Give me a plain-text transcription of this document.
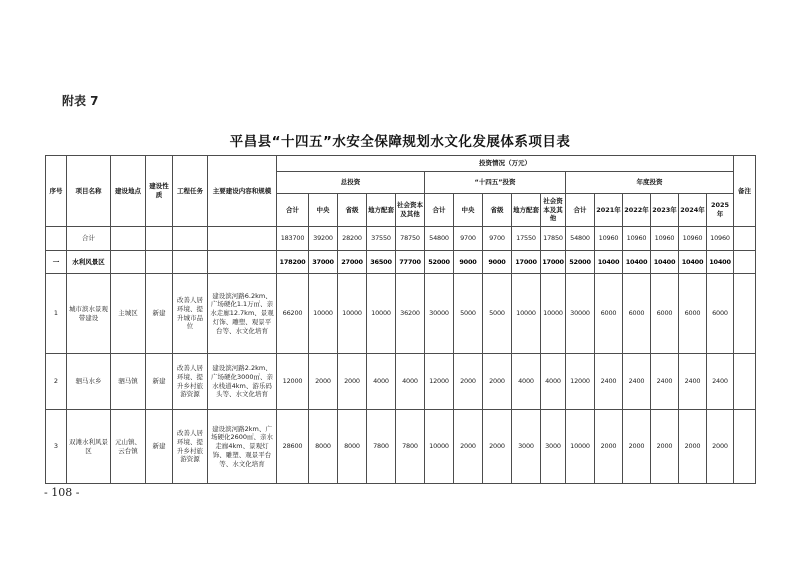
附表 7
平昌县“十四五”水安全保障规划水文化发展体系项目表
序号	项目名称	建设地点	建设性质	工程任务	主要建设内容和规模	投资情况（万元）																备注
						总投资					“十四五”投资					年度投资						
						合计	中央	省级	地方配套	社会资本及其他	合计	中央	省级	地方配套	社会资本及其他	合计	2021年	2022年	2023年	2024年	2025年	
	合计					183700	39200	28200	37550	78750	54800	9700	9700	17550	17850	54800	10960	10960	10960	10960	10960	
一	水利风景区					178200	37000	27000	36500	77700	52000	9000	9000	17000	17000	52000	10400	10400	10400	10400	10400	
1	城市滨水景观带建设	主城区	新建	改善人居环境、提升城市品位	建设滨河路6.2km、广场硬化1.1万㎡、亲水走廊12.7km、景观灯饰、雕塑、观景平台等、水文化培育	66200	10000	10000	10000	36200	30000	5000	5000	10000	10000	30000	6000	6000	6000	6000	6000	
2	驷马水乡	驷马镇	新建	改善人居环境、提升乡村旅游资源	建设滨河路2.2km、广场硬化3000㎡、亲水栈道4km、游乐码头等、水文化培育	12000	2000	2000	4000	4000	12000	2000	2000	4000	4000	12000	2400	2400	2400	2400	2400	
3	双滩水利风景区	元山镇、云台镇	新建	改善人居环境、提升乡村旅游资源	建设滨河路2km、广场硬化2600㎡、亲水走廊4km、景观灯饰、雕塑、观景平台等、水文化培育	28600	8000	8000	7800	7800	10000	2000	2000	3000	3000	10000	2000	2000	2000	2000	2000	
- 108 -
